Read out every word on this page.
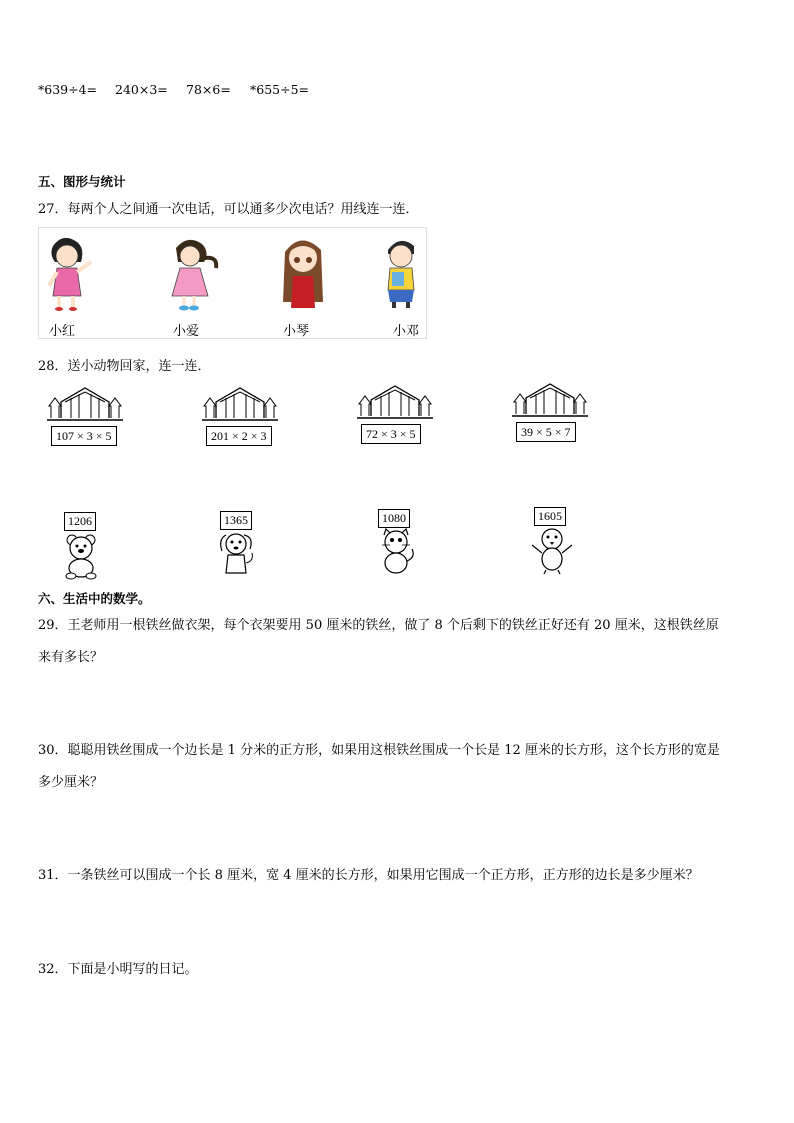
*639÷4= 240×3= 78×6= *655÷5=
五、图形与统计
27．每两个人之间通一次电话，可以通多少次电话？用线连一连．
小红	小爱	小琴	小邓
28．送小动物回家，连一连．
107 × 3 × 5	201 × 2 × 3	72 × 3 × 5	39 × 5 × 7
1206	1365	1080	1605
六、生活中的数学。
29．王老师用一根铁丝做衣架，每个衣架要用 50 厘米的铁丝，做了 8 个后剩下的铁丝正好还有 20 厘米，这根铁丝原
来有多长？
30．聪聪用铁丝围成一个边长是 1 分米的正方形，如果用这根铁丝围成一个长是 12 厘米的长方形，这个长方形的宽是
多少厘米？
31．一条铁丝可以围成一个长 8 厘米，宽 4 厘米的长方形，如果用它围成一个正方形，正方形的边长是多少厘米？
32．下面是小明写的日记。
